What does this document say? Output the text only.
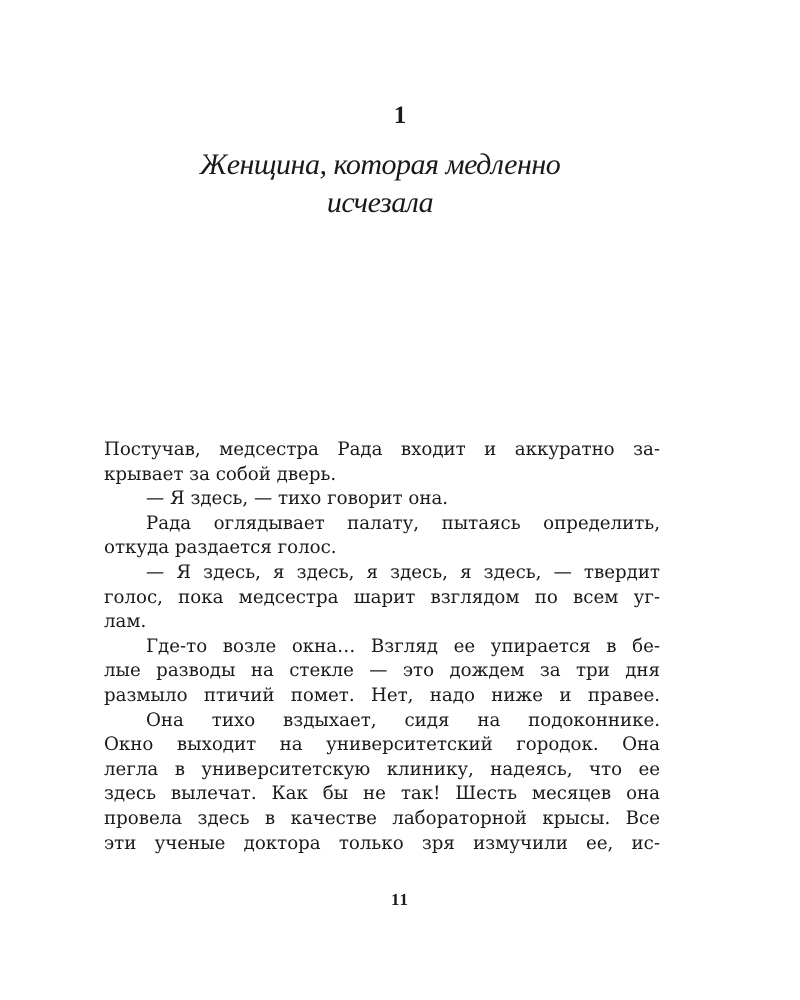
1
Женщина, которая медленно
исчезала
Постучав, медсестра Рада входит и аккуратно за-
крывает за собой дверь.
— Я здесь, — тихо говорит она.
Рада оглядывает палату, пытаясь определить,
откуда раздается голос.
— Я здесь, я здесь, я здесь, я здесь, — твердит
голос, пока медсестра шарит взглядом по всем уг-
лам.
Где-то возле окна… Взгляд ее упирается в бе-
лые разводы на стекле — это дождем за три дня
размыло птичий помет. Нет, надо ниже и правее.
Она тихо вздыхает, сидя на подоконнике.
Окно выходит на университетский городок. Она
легла в университетскую клинику, надеясь, что ее
здесь вылечат. Как бы не так! Шесть месяцев она
провела здесь в качестве лабораторной крысы. Все
эти ученые доктора только зря измучили ее, ис-
11
